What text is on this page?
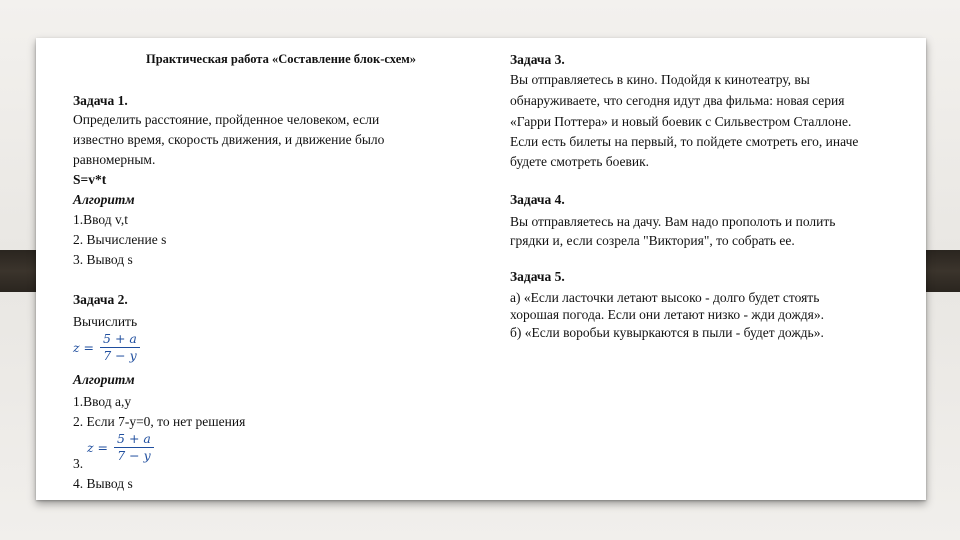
Практическая работа «Составление блок-схем»
Задача 1.
Определить расстояние, пройденное человеком, если
известно время, скорость движения, и движение было
равномерным.
S=v*t
Алгоритм
1.Ввод v,t
2. Вычисление s
3. Вывод s
Задача 2.
Вычислить
$z = \frac{5 + a}{7 - y}$
Алгоритм
1.Ввод a,y
2. Если 7-y=0, то нет решения
$z = \frac{5 + a}{7 - y}$
3.
4. Вывод s
Задача 3.
Вы отправляетесь в кино. Подойдя к кинотеатру, вы
обнаруживаете, что сегодня идут два фильма: новая серия
«Гарри Поттера» и новый боевик с Сильвестром Сталлоне.
Если есть билеты на первый, то пойдете смотреть его, иначе
будете смотреть боевик.
Задача 4.
Вы отправляетесь на дачу. Вам надо прополоть и полить
грядки и, если созрела "Виктория", то собрать ее.
Задача 5.
а) «Если ласточки летают высоко - долго будет стоять
хорошая погода. Если они летают низко - жди дождя».
б) «Если воробьи кувыркаются в пыли - будет дождь».
